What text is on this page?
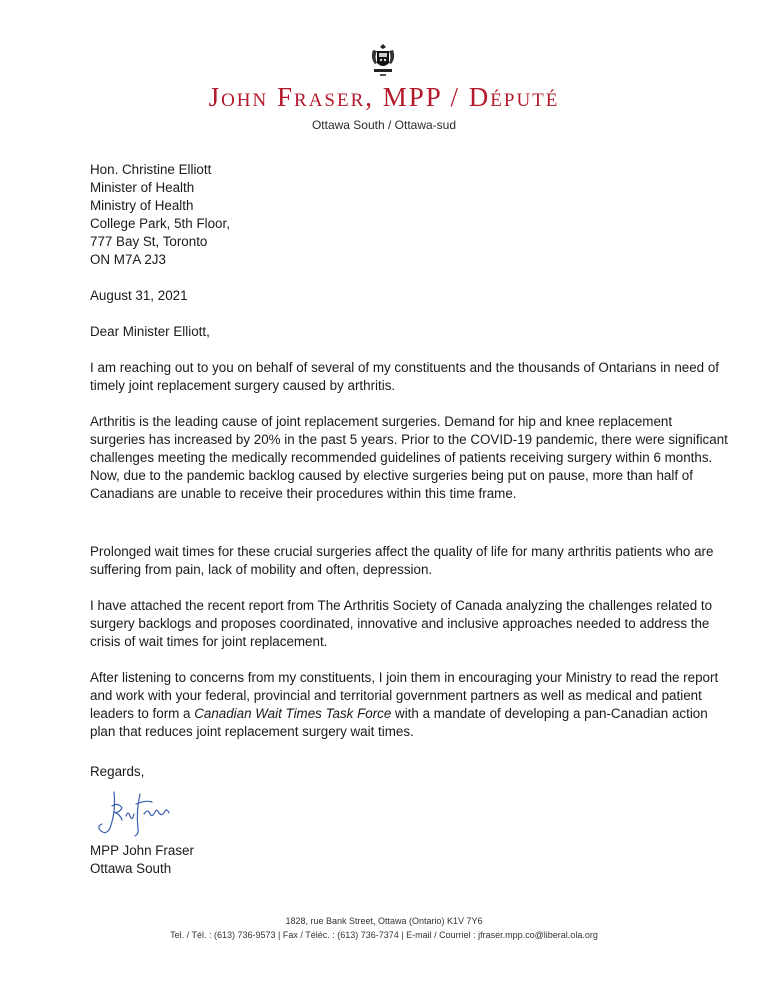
John Fraser, MPP / Député
Ottawa South / Ottawa-sud

Hon. Christine Elliott

Minister of Health

Ministry of Health

College Park, 5th Floor,

777 Bay St, Toronto

ON M7A 2J3

August 31, 2021
Dear Minister Elliott,
I am reaching out to you on behalf of several of my constituents and the thousands of Ontarians in need of timely joint replacement surgery caused by arthritis.
Arthritis is the leading cause of joint replacement surgeries. Demand for hip and knee replacement surgeries has increased by 20% in the past 5 years. Prior to the COVID-19 pandemic, there were significant challenges meeting the medically recommended guidelines of patients receiving surgery within 6 months. Now, due to the pandemic backlog caused by elective surgeries being put on pause, more than half of Canadians are unable to receive their procedures within this time frame.
Prolonged wait times for these crucial surgeries affect the quality of life for many arthritis patients who are suffering from pain, lack of mobility and often, depression.
I have attached the recent report from The Arthritis Society of Canada analyzing the challenges related to surgery backlogs and proposes coordinated, innovative and inclusive approaches needed to address the crisis of wait times for joint replacement.
After listening to concerns from my constituents, I join them in encouraging your Ministry to read the report and work with your federal, provincial and territorial government partners as well as medical and patient leaders to form a Canadian Wait Times Task Force with a mandate of developing a pan-Canadian action plan that reduces joint replacement surgery wait times.
Regards,

MPP John Fraser

Ottawa South

1828, rue Bank Street, Ottawa (Ontario) K1V 7Y6
Tel. / Tél. : (613) 736-9573 | Fax / Téléc. : (613) 736-7374 | E-mail / Courriel : jfraser.mpp.co@liberal.ola.org
